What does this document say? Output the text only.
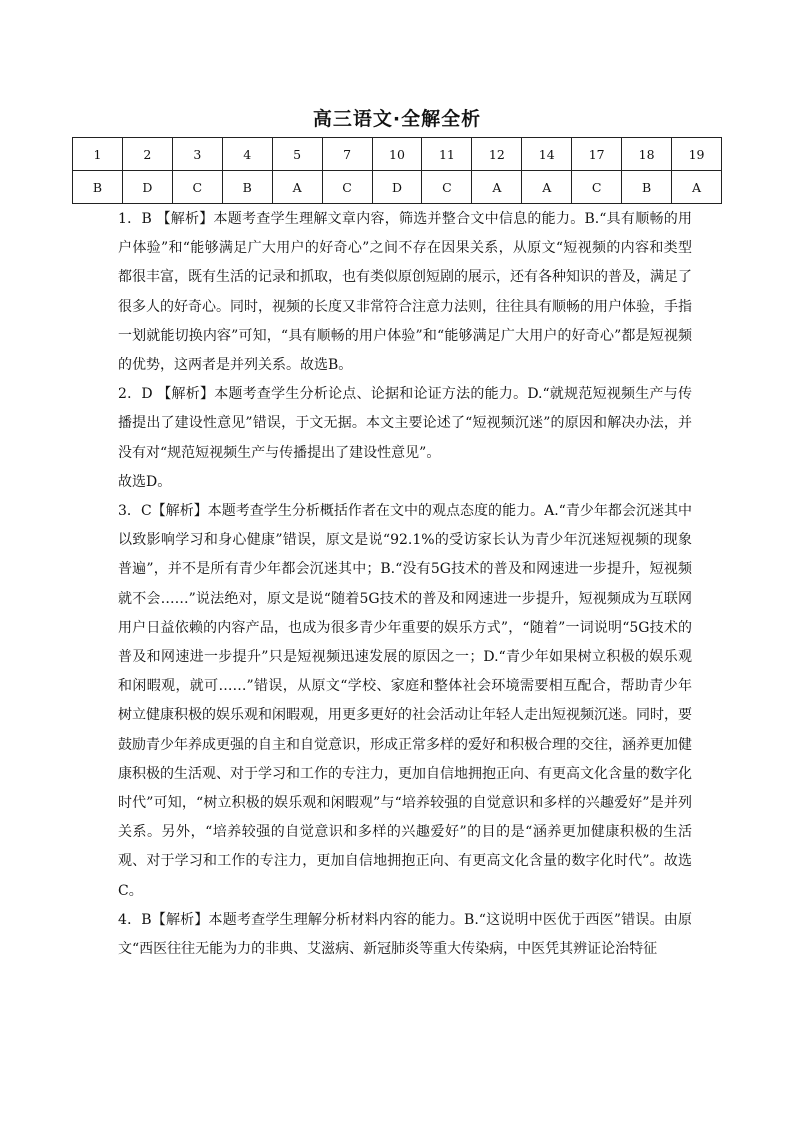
高三语文·全解全析
1	2	3	4	5	7	10	11	12	14	17	18	19
B	D	C	B	A	C	D	C	A	A	C	B	A

1．B 【解析】本题考查学生理解文章内容，筛选并整合文中信息的能力。B.“具有顺畅的用户体验”和“能够满足广大用户的好奇心”之间不存在因果关系，从原文“短视频的内容和类型都很丰富，既有生活的记录和抓取，也有类似原创短剧的展示，还有各种知识的普及，满足了很多人的好奇心。同时，视频的长度又非常符合注意力法则，往往具有顺畅的用户体验，手指一划就能切换内容”可知，“具有顺畅的用户体验”和“能够满足广大用户的好奇心”都是短视频的优势，这两者是并列关系。故选B。

2．D 【解析】本题考查学生分析论点、论据和论证方法的能力。D.“就规范短视频生产与传播提出了建设性意见”错误，于文无据。本文主要论述了“短视频沉迷”的原因和解决办法，并没有对“规范短视频生产与传播提出了建设性意见”。

故选D。

3．C【解析】本题考查学生分析概括作者在文中的观点态度的能力。A.“青少年都会沉迷其中以致影响学习和身心健康”错误，原文是说“92.1%的受访家长认为青少年沉迷短视频的现象普遍”，并不是所有青少年都会沉迷其中；B.“没有5G技术的普及和网速进一步提升，短视频就不会……”说法绝对，原文是说“随着5G技术的普及和网速进一步提升，短视频成为互联网用户日益依赖的内容产品，也成为很多青少年重要的娱乐方式”，“随着”一词说明“5G技术的普及和网速进一步提升”只是短视频迅速发展的原因之一；D.“青少年如果树立积极的娱乐观和闲暇观，就可……”错误，从原文“学校、家庭和整体社会环境需要相互配合，帮助青少年树立健康积极的娱乐观和闲暇观，用更多更好的社会活动让年轻人走出短视频沉迷。同时，要鼓励青少年养成更强的自主和自觉意识，形成正常多样的爱好和积极合理的交往，涵养更加健康积极的生活观、对于学习和工作的专注力，更加自信地拥抱正向、有更高文化含量的数字化时代”可知，“树立积极的娱乐观和闲暇观”与“培养较强的自觉意识和多样的兴趣爱好”是并列关系。另外，“培养较强的自觉意识和多样的兴趣爱好”的目的是“涵养更加健康积极的生活观、对于学习和工作的专注力，更加自信地拥抱正向、有更高文化含量的数字化时代”。故选C。

4．B【解析】本题考查学生理解分析材料内容的能力。B.“这说明中医优于西医”错误。由原文“西医往往无能为力的非典、艾滋病、新冠肺炎等重大传染病，中医凭其辨证论治特征
